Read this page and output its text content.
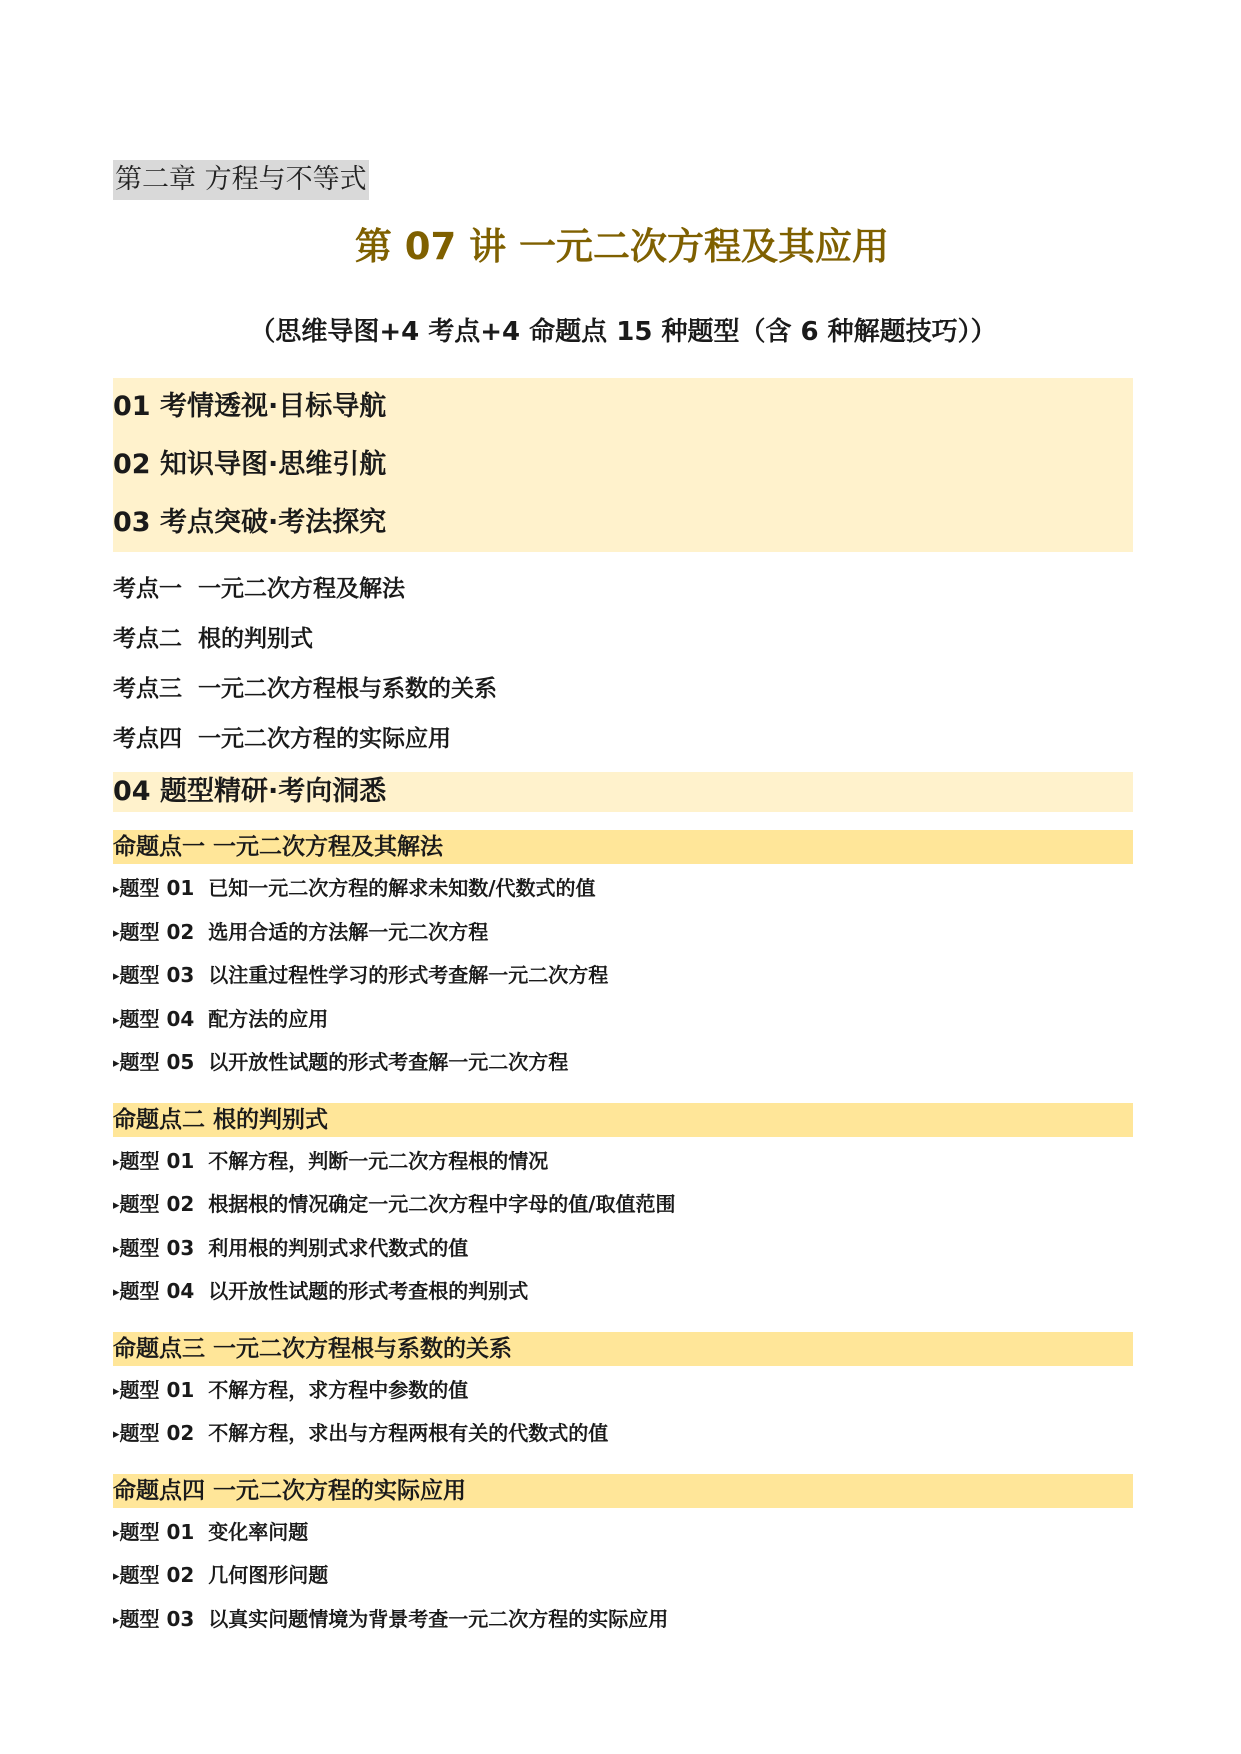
第二章 方程与不等式
第 07 讲 一元二次方程及其应用
（思维导图+4 考点+4 命题点 15 种题型（含 6 种解题技巧））
01 考情透视·目标导航
02 知识导图·思维引航
03 考点突破·考法探究
考点一  一元二次方程及解法
考点二  根的判别式
考点三  一元二次方程根与系数的关系
考点四  一元二次方程的实际应用
04 题型精研·考向洞悉
命题点一 一元二次方程及其解法
▸题型 01  已知一元二次方程的解求未知数/代数式的值
▸题型 02  选用合适的方法解一元二次方程
▸题型 03  以注重过程性学习的形式考查解一元二次方程
▸题型 04  配方法的应用
▸题型 05  以开放性试题的形式考查解一元二次方程
命题点二 根的判别式
▸题型 01  不解方程，判断一元二次方程根的情况
▸题型 02  根据根的情况确定一元二次方程中字母的值/取值范围
▸题型 03  利用根的判别式求代数式的值
▸题型 04  以开放性试题的形式考查根的判别式
命题点三 一元二次方程根与系数的关系
▸题型 01  不解方程，求方程中参数的值
▸题型 02  不解方程，求出与方程两根有关的代数式的值
命题点四 一元二次方程的实际应用
▸题型 01  变化率问题
▸题型 02  几何图形问题
▸题型 03  以真实问题情境为背景考查一元二次方程的实际应用
